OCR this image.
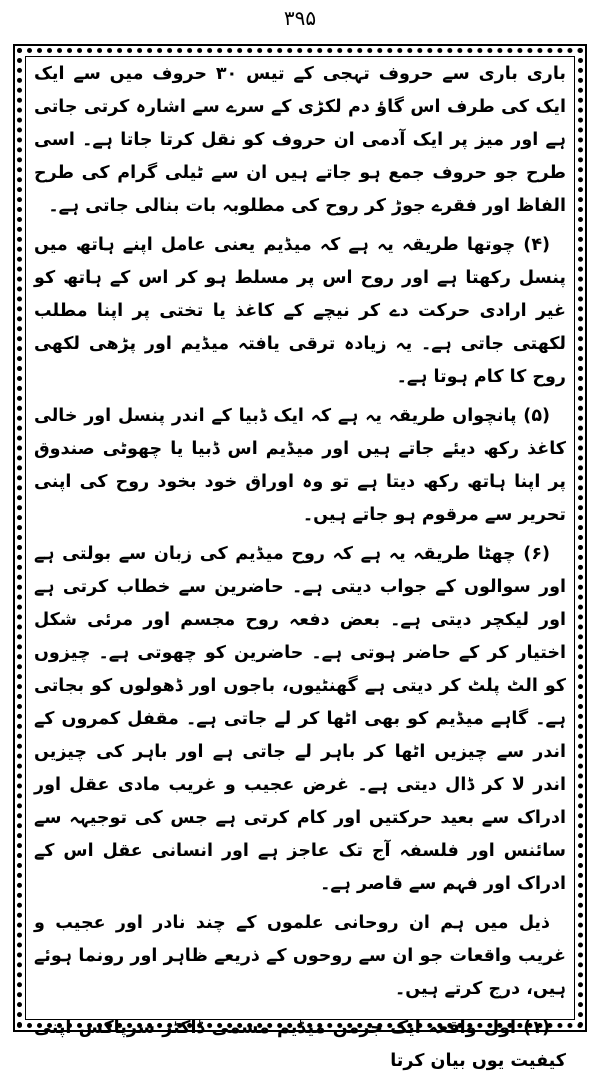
۳۹۵

باری باری سے حروف تہجی کے تیس ۳۰ حروف میں سے ایک ایک کی طرف اس گاؤ دم لکڑی کے سرے سے اشارہ کرتی جاتی ہے اور میز پر ایک آدمی ان حروف کو نقل کرتا جاتا ہے۔ اسی طرح جو حروف جمع ہو جاتے ہیں ان سے ٹیلی گرام کی طرح الفاظ اور فقرے جوڑ کر روح کی مطلوبہ بات بنالی جاتی ہے۔

(۴) چوتھا طریقہ یہ ہے کہ میڈیم یعنی عامل اپنے ہاتھ میں پنسل رکھتا ہے اور روح اس پر مسلط ہو کر اس کے ہاتھ کو غیر ارادی حرکت دے کر نیچے کے کاغذ یا تختی پر اپنا مطلب لکھتی جاتی ہے۔ یہ زیادہ ترقی یافتہ میڈیم اور پڑھی لکھی روح کا کام ہوتا ہے۔

(۵) پانچواں طریقہ یہ ہے کہ ایک ڈبیا کے اندر پنسل اور خالی کاغذ رکھ دیئے جاتے ہیں اور میڈیم اس ڈبیا یا چھوٹی صندوق پر اپنا ہاتھ رکھ دیتا ہے تو وہ اوراق خود بخود روح کی اپنی تحریر سے مرقوم ہو جاتے ہیں۔

(۶) چھٹا طریقہ یہ ہے کہ روح میڈیم کی زبان سے بولتی ہے اور سوالوں کے جواب دیتی ہے۔ حاضرین سے خطاب کرتی ہے اور لیکچر دیتی ہے۔ بعض دفعہ روح مجسم اور مرئی شکل اختیار کر کے حاضر ہوتی ہے۔ حاضرین کو چھوتی ہے۔ چیزوں کو الٹ پلٹ کر دیتی ہے گھنٹیوں، باجوں اور ڈھولوں کو بجاتی ہے۔ گاہے میڈیم کو بھی اٹھا کر لے جاتی ہے۔ مقفل کمروں کے اندر سے چیزیں اٹھا کر باہر لے جاتی ہے اور باہر کی چیزیں اندر لا کر ڈال دیتی ہے۔ غرض عجیب و غریب مادی عقل اور ادراک سے بعید حرکتیں اور کام کرتی ہے جس کی توجیہہ سے سائنس اور فلسفہ آج تک عاجز ہے اور انسانی عقل اس کے ادراک اور فہم سے قاصر ہے۔

ذیل میں ہم ان روحانی علموں کے چند نادر اور عجیب و غریب واقعات جو ان سے روحوں کے ذریعے ظاہر اور رونما ہوئے ہیں، درج کرتے ہیں۔

(۱) اول واقعہ ایک جرمن میڈیم مسمی ڈاکٹر سرپاکس اپنی کیفیت یوں بیان کرتا
